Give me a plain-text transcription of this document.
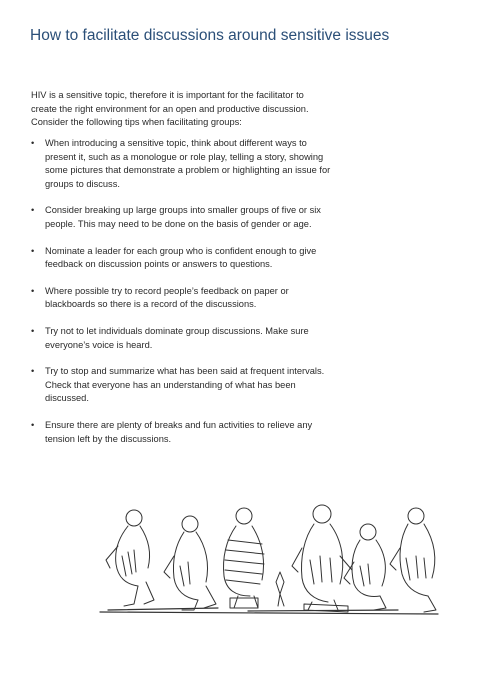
How to facilitate discussions around sensitive issues

HIV is a sensitive topic, therefore it is important for the facilitator to create the right environment for an open and productive discussion. Consider the following tips when facilitating groups:

• When introducing a sensitive topic, think about different ways to present it, such as a monologue or role play, telling a story, showing some pictures that demonstrate a problem or highlighting an issue for groups to discuss.
• Consider breaking up large groups into smaller groups of five or six people. This may need to be done on the basis of gender or age.
• Nominate a leader for each group who is confident enough to give feedback on discussion points or answers to questions.
• Where possible try to record people’s feedback on paper or blackboards so there is a record of the discussions.
• Try not to let individuals dominate group discussions. Make sure everyone’s voice is heard.
• Try to stop and summarize what has been said at frequent intervals. Check that everyone has an understanding of what has been discussed.
• Ensure there are plenty of breaks and fun activities to relieve any tension left by the discussions.
